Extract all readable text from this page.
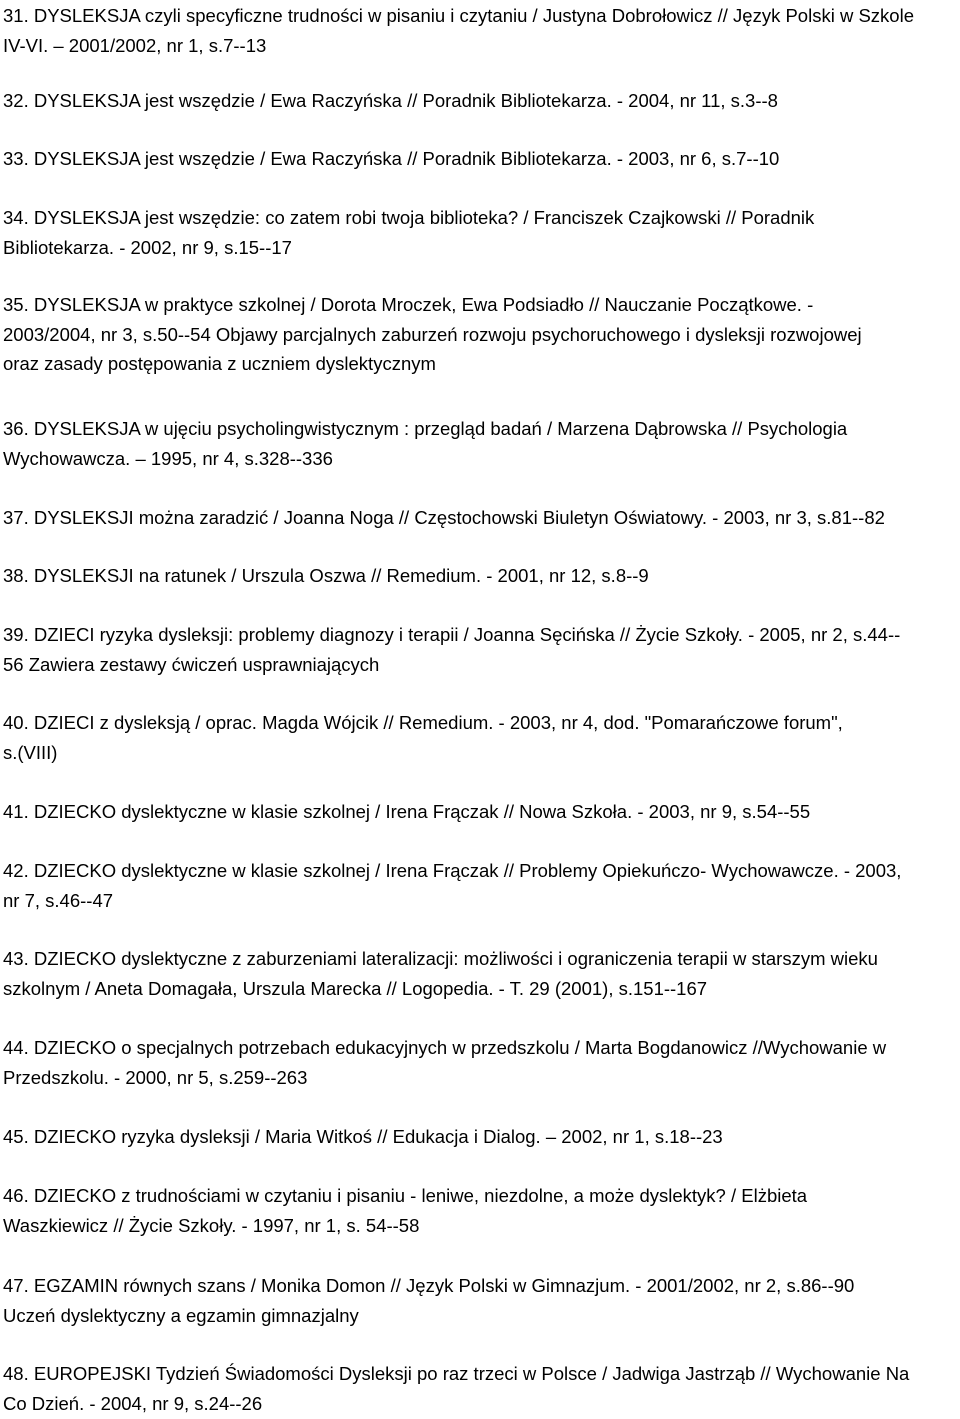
31. DYSLEKSJA czyli specyficzne trudności w pisaniu i czytaniu / Justyna Dobrołowicz // Język Polski w Szkole
IV-VI. – 2001/2002, nr 1, s.7--13
32. DYSLEKSJA jest wszędzie / Ewa Raczyńska // Poradnik Bibliotekarza. - 2004, nr 11, s.3--8
33. DYSLEKSJA jest wszędzie / Ewa Raczyńska // Poradnik Bibliotekarza. - 2003, nr 6, s.7--10
34. DYSLEKSJA jest wszędzie: co zatem robi twoja biblioteka? / Franciszek Czajkowski // Poradnik
Bibliotekarza. - 2002, nr 9, s.15--17
35. DYSLEKSJA w praktyce szkolnej / Dorota Mroczek, Ewa Podsiadło // Nauczanie Początkowe. -
2003/2004, nr 3, s.50--54 Objawy parcjalnych zaburzeń rozwoju psychoruchowego i dysleksji rozwojowej
oraz zasady postępowania z uczniem dyslektycznym
36. DYSLEKSJA w ujęciu psycholingwistycznym : przegląd badań / Marzena Dąbrowska // Psychologia
Wychowawcza. – 1995, nr 4, s.328--336
37. DYSLEKSJI można zaradzić / Joanna Noga // Częstochowski Biuletyn Oświatowy. - 2003, nr 3, s.81--82
38. DYSLEKSJI na ratunek / Urszula Oszwa // Remedium. - 2001, nr 12, s.8--9
39. DZIECI ryzyka dysleksji: problemy diagnozy i terapii / Joanna Sęcińska // Życie Szkoły. - 2005, nr 2, s.44--
56 Zawiera zestawy ćwiczeń usprawniających
40. DZIECI z dysleksją / oprac. Magda Wójcik // Remedium. - 2003, nr 4, dod. "Pomarańczowe forum",
s.(VIII)
41. DZIECKO dyslektyczne w klasie szkolnej / Irena Frączak // Nowa Szkoła. - 2003, nr 9, s.54--55
42. DZIECKO dyslektyczne w klasie szkolnej / Irena Frączak // Problemy Opiekuńczo- Wychowawcze. - 2003,
nr 7, s.46--47
43. DZIECKO dyslektyczne z zaburzeniami lateralizacji: możliwości i ograniczenia terapii w starszym wieku
szkolnym / Aneta Domagała, Urszula Marecka // Logopedia. - T. 29 (2001), s.151--167
44. DZIECKO o specjalnych potrzebach edukacyjnych w przedszkolu / Marta Bogdanowicz //Wychowanie w
Przedszkolu. - 2000, nr 5, s.259--263
45. DZIECKO ryzyka dysleksji / Maria Witkoś // Edukacja i Dialog. – 2002, nr 1, s.18--23
46. DZIECKO z trudnościami w czytaniu i pisaniu - leniwe, niezdolne, a może dyslektyk? / Elżbieta
Waszkiewicz // Życie Szkoły. - 1997, nr 1, s. 54--58
47. EGZAMIN równych szans / Monika Domon // Język Polski w Gimnazjum. - 2001/2002, nr 2, s.86--90
Uczeń dyslektyczny a egzamin gimnazjalny
48. EUROPEJSKI Tydzień Świadomości Dysleksji po raz trzeci w Polsce / Jadwiga Jastrząb // Wychowanie Na
Co Dzień. - 2004, nr 9, s.24--26
